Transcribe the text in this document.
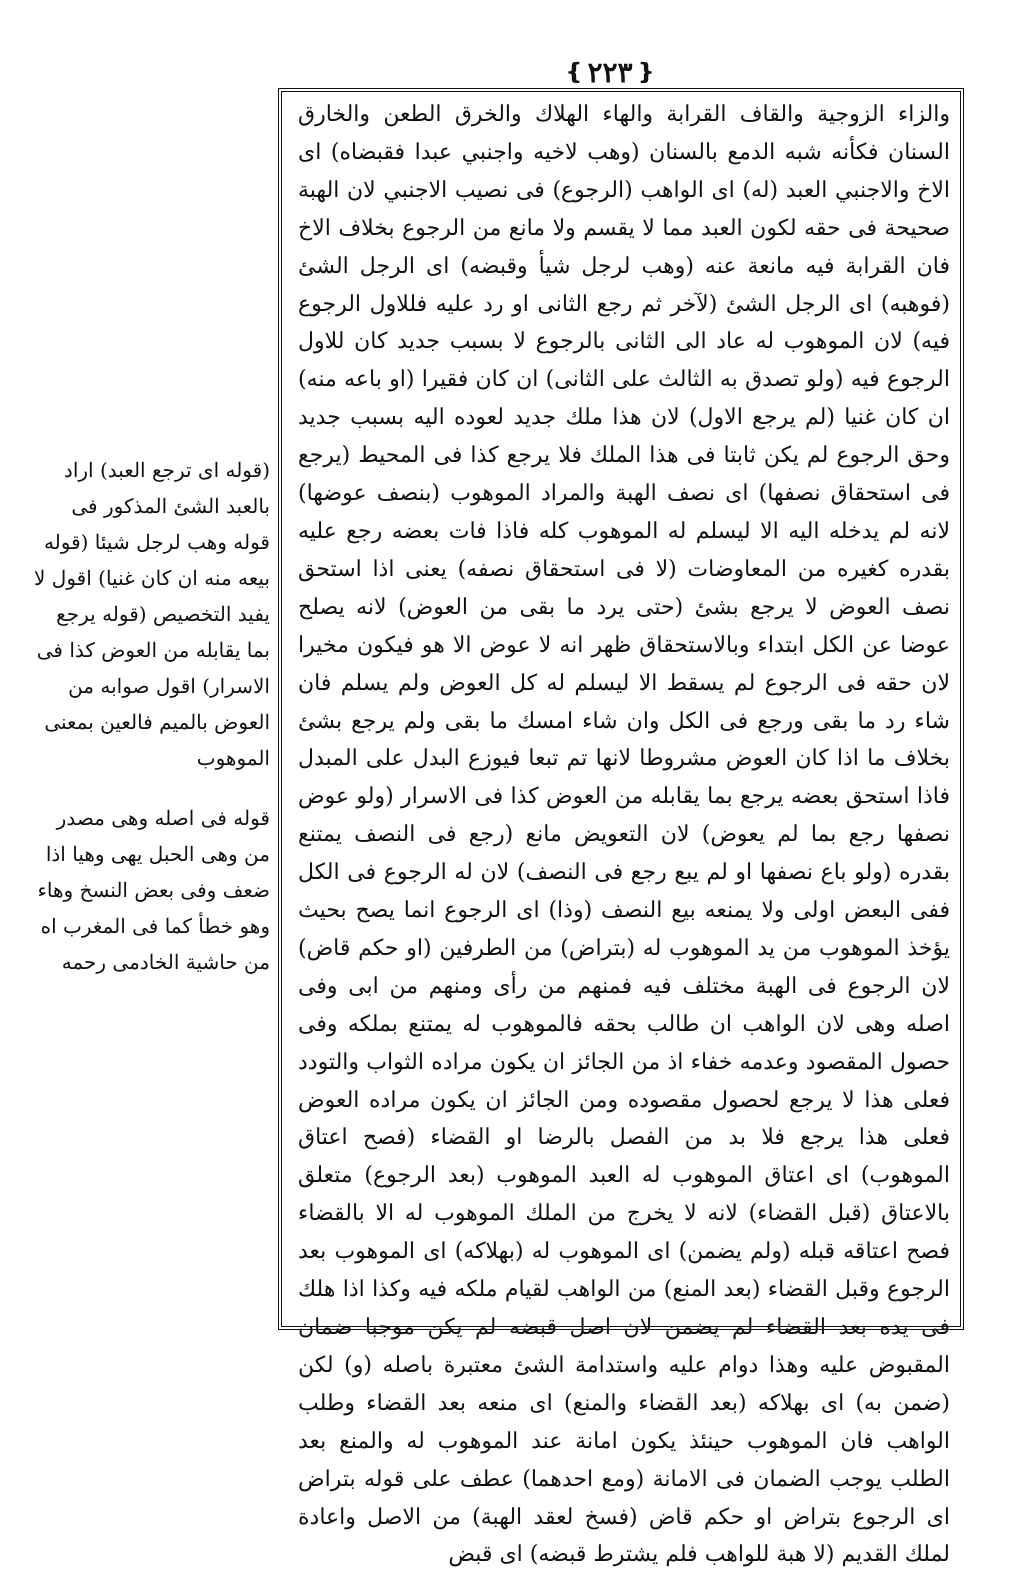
❴
٢٢٣
❵

والزاء الزوجية والقاف القرابة والهاء الهلاك والخرق الطعن والخارق السنان فكأنه شبه الدمع بالسنان (وهب لاخيه واجنبي عبدا فقبضاه) اى الاخ والاجنبي العبد (له) اى الواهب (الرجوع) فى نصيب الاجنبي لان الهبة صحيحة فى حقه لكون العبد مما لا يقسم ولا مانع من الرجوع بخلاف الاخ فان القرابة فيه مانعة عنه (وهب لرجل شيأ وقبضه) اى الرجل الشئ (فوهبه) اى الرجل الشئ (لآخر ثم رجع الثانى او رد عليه فللاول الرجوع فيه) لان الموهوب له عاد الى الثانى بالرجوع لا بسبب جديد كان للاول الرجوع فيه (ولو تصدق به الثالث على الثانى) ان كان فقيرا (او باعه منه) ان كان غنيا (لم يرجع الاول) لان هذا ملك جديد لعوده اليه بسبب جديد وحق الرجوع لم يكن ثابتا فى هذا الملك فلا يرجع كذا فى المحيط (يرجع فى استحقاق نصفها) اى نصف الهبة والمراد الموهوب (بنصف عوضها) لانه لم يدخله اليه الا ليسلم له الموهوب كله فاذا فات بعضه رجع عليه بقدره كغيره من المعاوضات (لا فى استحقاق نصفه) يعنى اذا استحق نصف العوض لا يرجع بشئ (حتى يرد ما بقى من العوض) لانه يصلح عوضا عن الكل ابتداء وبالاستحقاق ظهر انه لا عوض الا هو فيكون مخيرا لان حقه فى الرجوع لم يسقط الا ليسلم له كل العوض ولم يسلم فان شاء رد ما بقى ورجع فى الكل وان شاء امسك ما بقى ولم يرجع بشئ بخلاف ما اذا كان العوض مشروطا لانها تم تبعا فيوزع البدل على المبدل فاذا استحق بعضه يرجع بما يقابله من العوض كذا فى الاسرار (ولو عوض نصفها رجع بما لم يعوض) لان التعويض مانع (رجع فى النصف يمتنع بقدره (ولو باع نصفها او لم يبع رجع فى النصف) لان له الرجوع فى الكل ففى البعض اولى ولا يمنعه بيع النصف (وذا) اى الرجوع انما يصح بحيث يؤخذ الموهوب من يد الموهوب له (بتراض) من الطرفين (او حكم قاض) لان الرجوع فى الهبة مختلف فيه فمنهم من رأى ومنهم من ابى وفى اصله وهى لان الواهب ان طالب بحقه فالموهوب له يمتنع بملكه وفى حصول المقصود وعدمه خفاء اذ من الجائز ان يكون مراده الثواب والتودد فعلى هذا لا يرجع لحصول مقصوده ومن الجائز ان يكون مراده العوض فعلى هذا يرجع فلا بد من الفصل بالرضا او القضاء (فصح اعتاق الموهوب) اى اعتاق الموهوب له العبد الموهوب (بعد الرجوع) متعلق بالاعتاق (قبل القضاء) لانه لا يخرج من الملك الموهوب له الا بالقضاء فصح اعتاقه قبله (ولم يضمن) اى الموهوب له (بهلاكه) اى الموهوب بعد الرجوع وقبل القضاء (بعد المنع) من الواهب لقيام ملكه فيه وكذا اذا هلك فى يده بعد القضاء لم يضمن لان اصل قبضه لم يكن موجبا ضمان المقبوض عليه وهذا دوام عليه واستدامة الشئ معتبرة باصله (و) لكن (ضمن به) اى بهلاكه (بعد القضاء والمنع) اى منعه بعد القضاء وطلب الواهب فان الموهوب حينئذ يكون امانة عند الموهوب له والمنع بعد الطلب يوجب الضمان فى الامانة (ومع احدهما) عطف على قوله بتراض اى الرجوع بتراض او حكم قاض (فسخ لعقد الهبة) من الاصل واعادة لملك القديم (لا هبة للواهب فلم يشترط قبضه) اى قبض

(قوله اى ترجع العبد) اراد بالعبد الشئ المذكور فى قوله وهب لرجل شيئا (قوله بيعه منه ان كان غنيا) اقول لا يفيد التخصيص (قوله يرجع بما يقابله من العوض كذا فى الاسرار) اقول صوابه من العوض بالميم فالعين بمعنى الموهوب
قوله فى اصله وهى مصدر من وهى الحبل يهى وهيا اذا ضعف وفى بعض النسخ وهاء وهو خطأ كما فى المغرب اه من حاشية الخادمى رحمه
